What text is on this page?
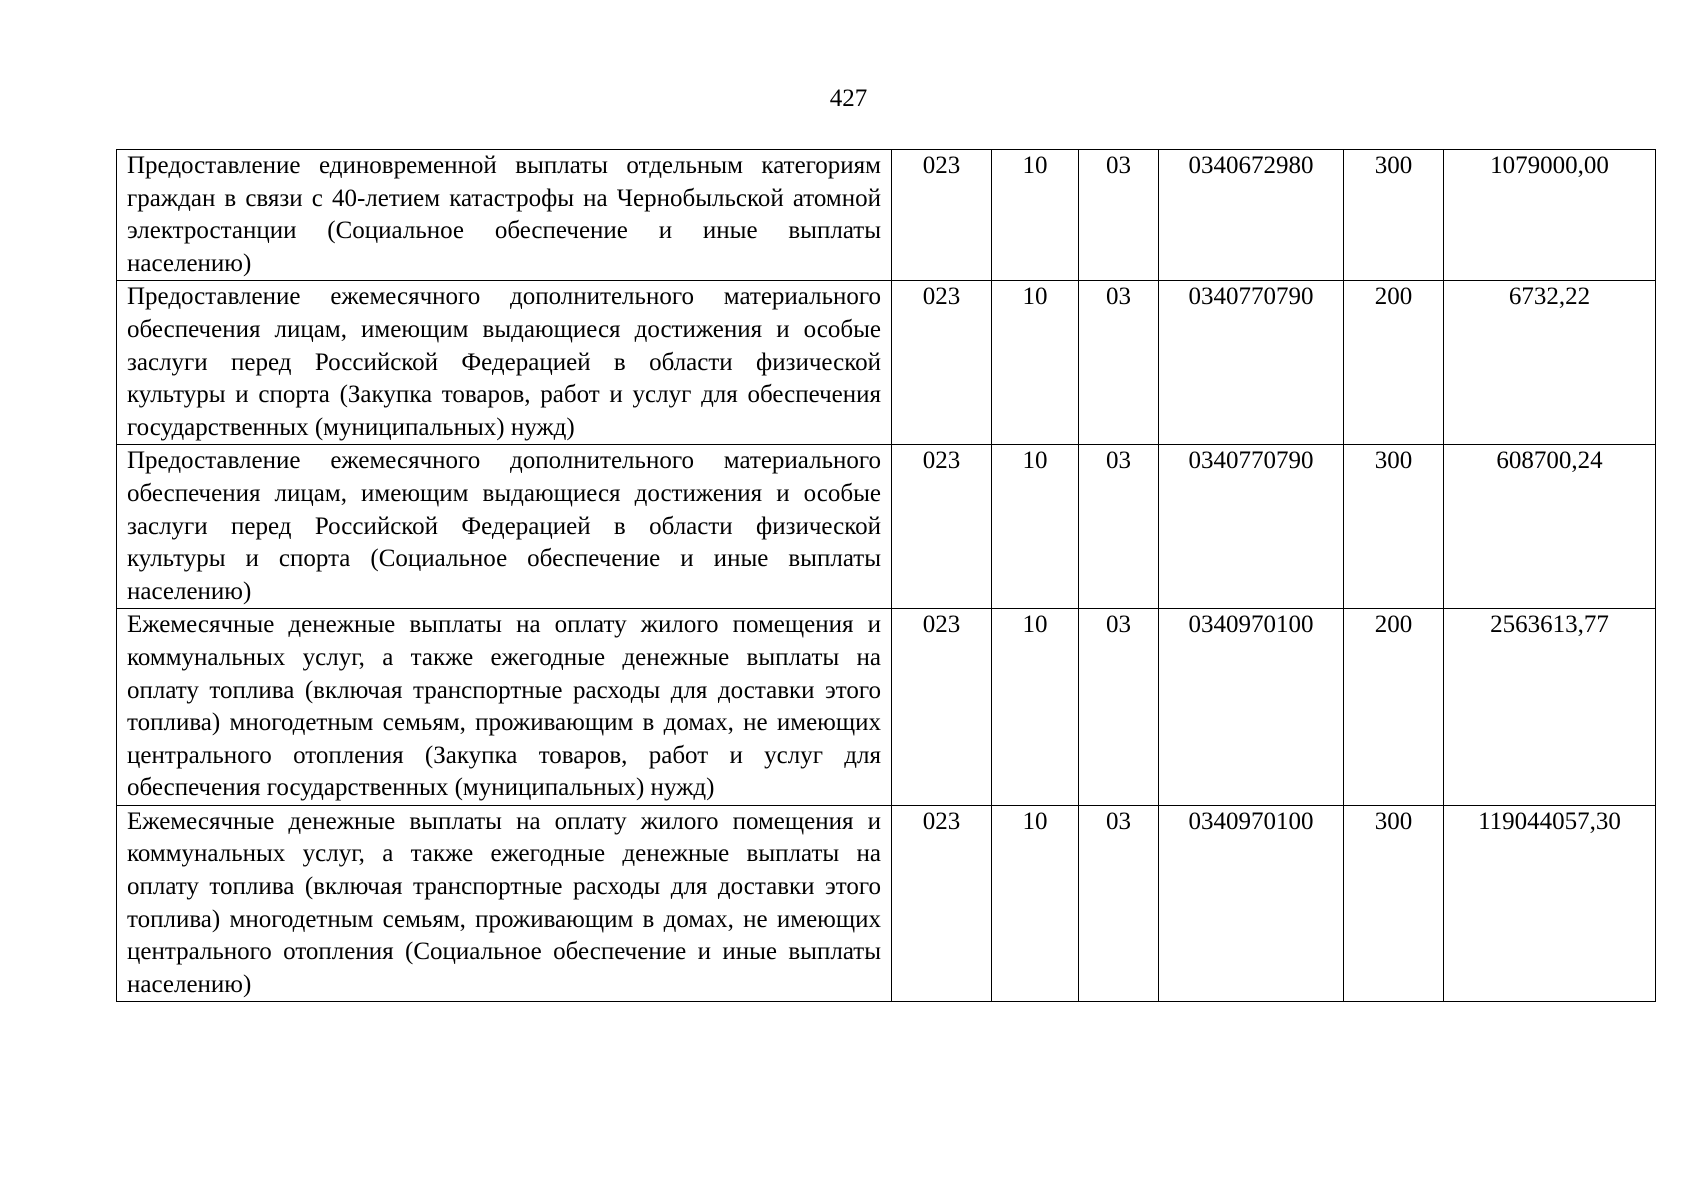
427
Предоставление единовременной выплаты отдельным категориям граждан в связи с 40-летием катастрофы на Чернобыльской атомной электростанции (Социальное обеспечение и иные выплаты населению)	023	10	03	0340672980	300	1079000,00
Предоставление ежемесячного дополнительного материального обеспечения лицам, имеющим выдающиеся достижения и особые заслуги перед Российской Федерацией в области физической культуры и спорта (Закупка товаров, работ и услуг для обеспечения государственных (муниципальных) нужд)	023	10	03	0340770790	200	6732,22
Предоставление ежемесячного дополнительного материального обеспечения лицам, имеющим выдающиеся достижения и особые заслуги перед Российской Федерацией в области физической культуры и спорта (Социальное обеспечение и иные выплаты населению)	023	10	03	0340770790	300	608700,24
Ежемесячные денежные выплаты на оплату жилого помещения и коммунальных услуг, а также ежегодные денежные выплаты на оплату топлива (включая транспортные расходы для доставки этого топлива) многодетным семьям, проживающим в домах, не имеющих центрального отопления (Закупка товаров, работ и услуг для обеспечения государственных (муниципальных) нужд)	023	10	03	0340970100	200	2563613,77
Ежемесячные денежные выплаты на оплату жилого помещения и коммунальных услуг, а также ежегодные денежные выплаты на оплату топлива (включая транспортные расходы для доставки этого топлива) многодетным семьям, проживающим в домах, не имеющих центрального отопления (Социальное обеспечение и иные выплаты населению)	023	10	03	0340970100	300	119044057,30
